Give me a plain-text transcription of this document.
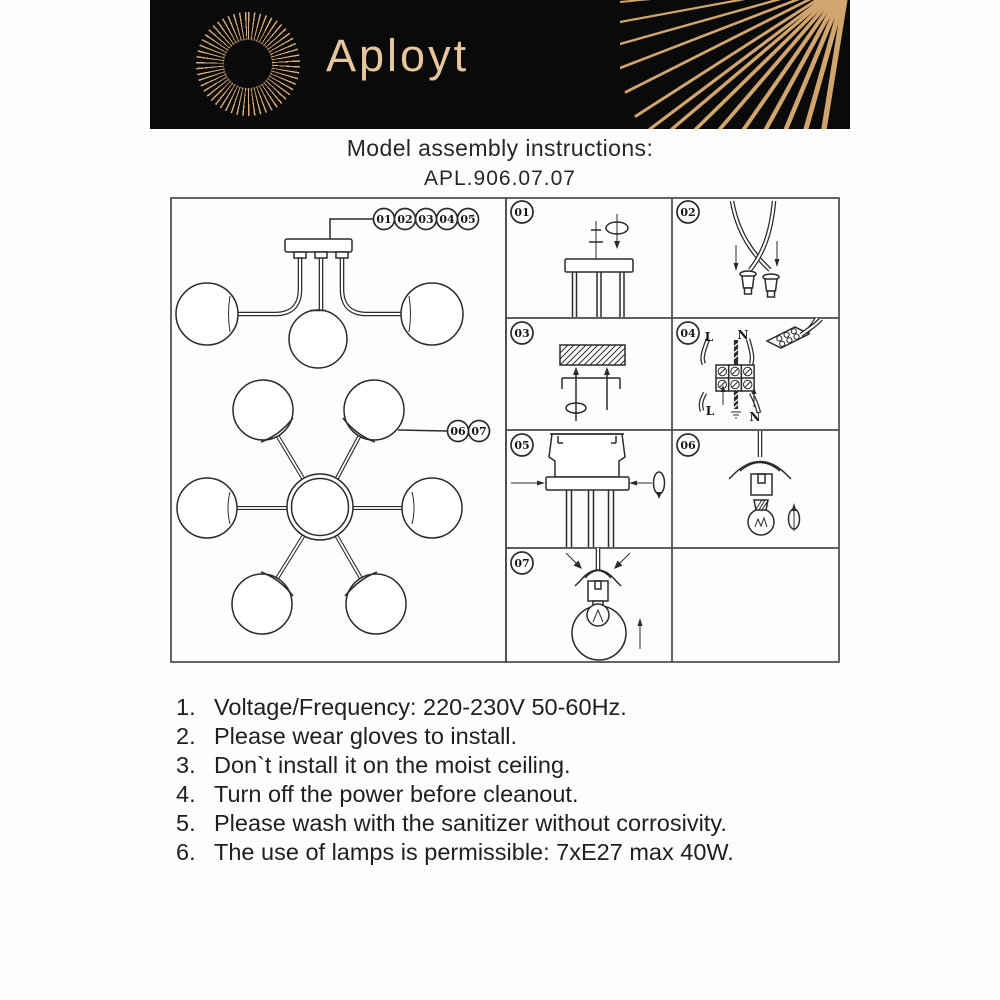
Aployt
Model assembly instructions:
APL.906.07.07
01 02 03 04 05
06 07
01	02
03	04 L N
L	N
05	06
07
1. Voltage/Frequency: 220-230V 50-60Hz.
2. Please wear gloves to install.
3. Don`t install it on the moist ceiling.
4. Turn off the power before cleanout.
5. Please wash with the sanitizer without corrosivity.
6. The use of lamps is permissible: 7xE27 max 40W.
